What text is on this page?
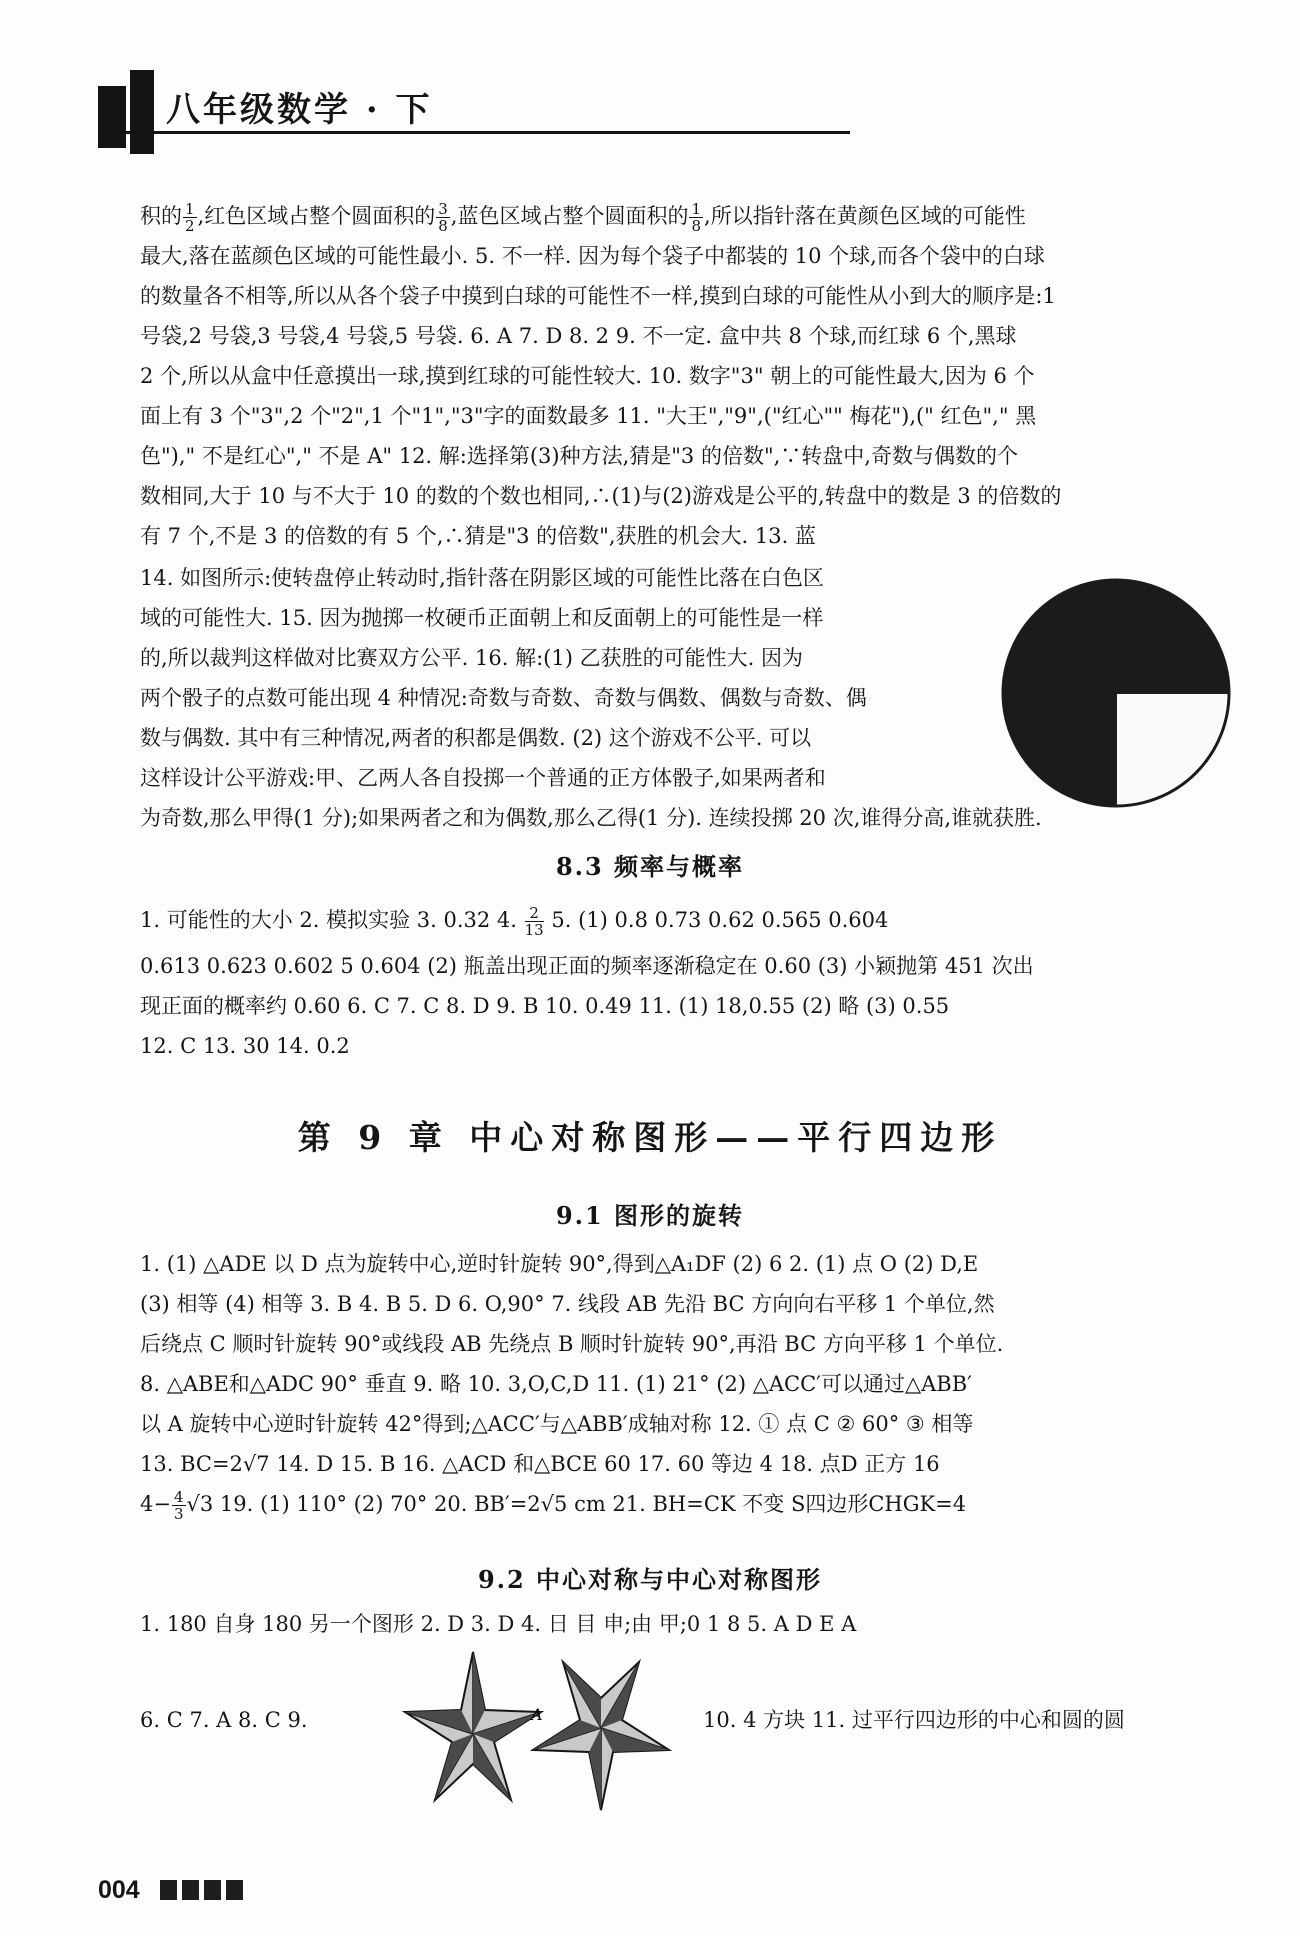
八年级数学 · 下
积的 $\frac{1}{2}$ ,红色区域占整个圆面积的 $\frac{3}{8}$ ,蓝色区域占整个圆面积的 $\frac{1}{8}$ ,所以指针落在黄颜色区域的可能性
最大,落在蓝颜色区域的可能性最小. 5. 不一样. 因为每个袋子中都装的 10 个球,而各个袋中的白球
的数量各不相等,所以从各个袋子中摸到白球的可能性不一样,摸到白球的可能性从小到大的顺序是:1
号袋,2 号袋,3 号袋,4 号袋,5 号袋. 6. A 7. D 8. 2 9. 不一定. 盒中共 8 个球,而红球 6 个,黑球
2 个,所以从盒中任意摸出一球,摸到红球的可能性较大. 10. 数字"3" 朝上的可能性最大,因为 6 个
面上有 3 个"3",2 个"2",1 个"1","3"字的面数最多 11. "大王","9",("红心"" 梅花"),(" 红色"," 黑
色")," 不是红心"," 不是 A" 12. 解:选择第(3)种方法,猜是"3 的倍数",∵转盘中,奇数与偶数的个
数相同,大于 10 与不大于 10 的数的个数也相同,∴(1)与(2)游戏是公平的,转盘中的数是 3 的倍数的
有 7 个,不是 3 的倍数的有 5 个,∴猜是"3 的倍数",获胜的机会大. 13. 蓝
14. 如图所示:使转盘停止转动时,指针落在阴影区域的可能性比落在白色区
域的可能性大. 15. 因为抛掷一枚硬币正面朝上和反面朝上的可能性是一样
的,所以裁判这样做对比赛双方公平. 16. 解:(1) 乙获胜的可能性大. 因为
两个骰子的点数可能出现 4 种情况:奇数与奇数、奇数与偶数、偶数与奇数、偶
数与偶数. 其中有三种情况,两者的积都是偶数. (2) 这个游戏不公平. 可以
这样设计公平游戏:甲、乙两人各自投掷一个普通的正方体骰子,如果两者和
为奇数,那么甲得(1 分);如果两者之和为偶数,那么乙得(1 分). 连续投掷 20 次,谁得分高,谁就获胜.
8.3 频率与概率
1. 可能性的大小 2. 模拟实验 3. 0.32 4. $\frac{2}{13} 5$. (1) 0.8 0.73 0.62 0.565 0.604
0.613 0.623 0.602 5 0.604 (2) 瓶盖出现正面的频率逐渐稳定在 0.60 (3) 小颖抛第 451 次出
现正面的概率约 0.60 6. C 7. C 8. D 9. B 10. 0.49 11. (1) 18,0.55 (2) 略 (3) 0.55
12. C 13. 30 14. 0.2
第 9 章 中心对称图形——平行四边形
9.1 图形的旋转
1. (1) △ADE 以 D 点为旋转中心,逆时针旋转 90°,得到△A₁DF (2) 6 2. (1) 点 O (2) D,E
(3) 相等 (4) 相等 3. B 4. B 5. D 6. O,90° 7. 线段 AB 先沿 BC 方向向右平移 1 个单位,然
后绕点 C 顺时针旋转 90°或线段 AB 先绕点 B 顺时针旋转 90°,再沿 BC 方向平移 1 个单位.
8. △ABE和△ADC 90° 垂直 9. 略 10. 3,O,C,D 11. (1) 21° (2) △ACC′可以通过△ABB′
以 A 旋转中心逆时针旋转 42°得到;△ACC′与△ABB′成轴对称 12. ① 点 C ② 60° ③ 相等
13. BC=2√7 14. D 15. B 16. △ACD 和△BCE 60 17. 60 等边 4 18. 点D 正方 16
$4- \frac{4}{3} √3$ 19. (1) 110° (2) 70° 20. BB′=2√5 cm 21. BH=CK 不变 S四边形CHGK=4
9.2 中心对称与中心对称图形
1. 180 自身 180 另一个图形 2. D 3. D 4. 日 目 申;由 甲;0 1 8 5. A D E A
6. C 7. A 8. C 9.	10. 4 方块 11. 过平行四边形的中心和圆的圆
A
004
